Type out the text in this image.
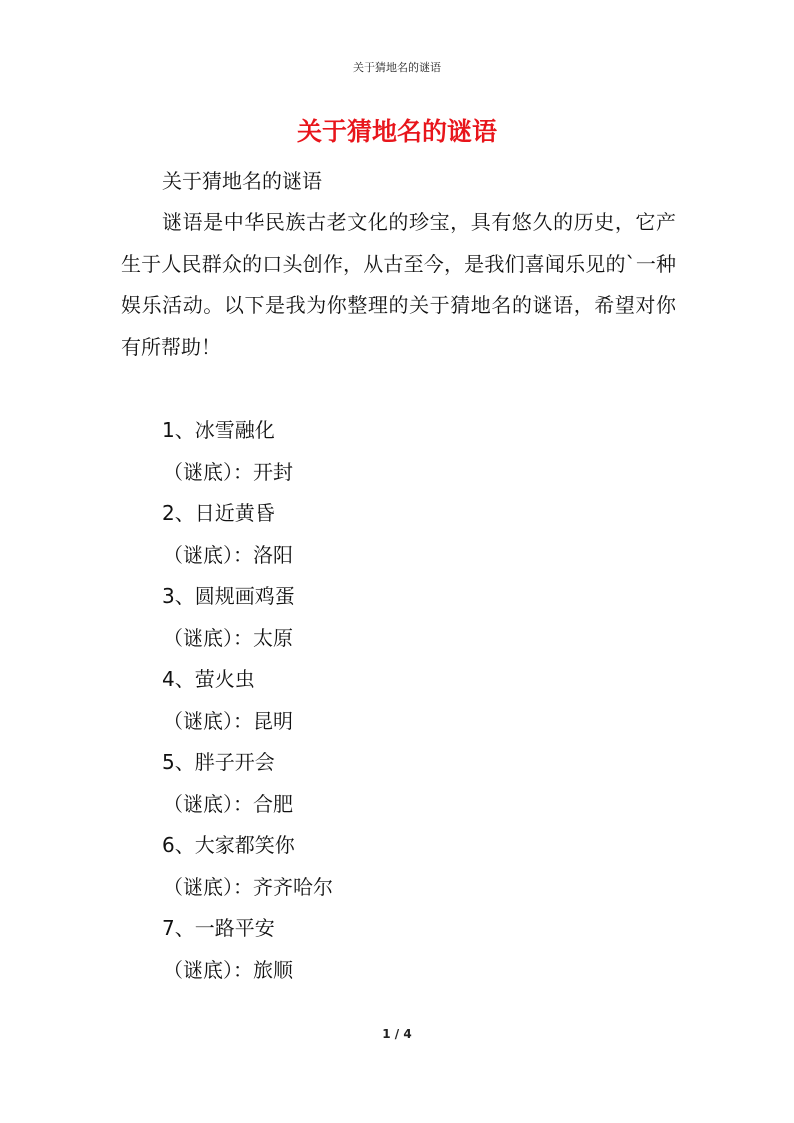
关于猜地名的谜语
关于猜地名的谜语
关于猜地名的谜语
谜语是中华民族古老文化的珍宝，具有悠久的历史，它产生于人民群众的口头创作，从古至今，是我们喜闻乐见的`一种娱乐活动。以下是我为你整理的关于猜地名的谜语，希望对你有所帮助！
1、冰雪融化
（谜底）：开封
2、日近黄昏
（谜底）：洛阳
3、圆规画鸡蛋
（谜底）：太原
4、萤火虫
（谜底）：昆明
5、胖子开会
（谜底）：合肥
6、大家都笑你
（谜底）：齐齐哈尔
7、一路平安
（谜底）：旅顺
1 / 4
